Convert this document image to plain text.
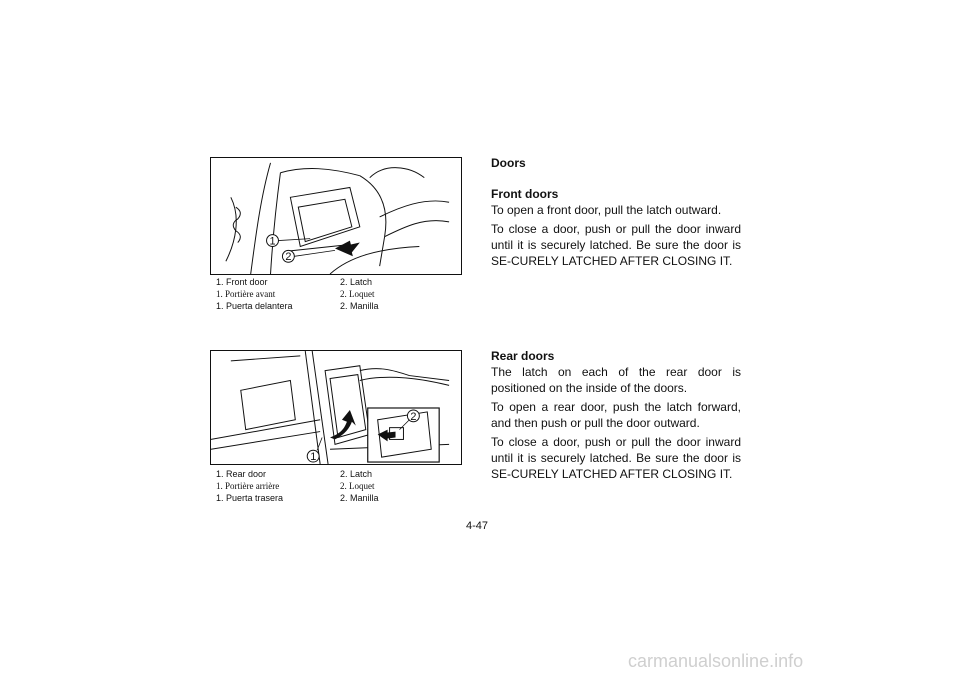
1
2
1. Front door	2. Latch
1. Portière avant	2. Loquet
1. Puerta delantera	2. Manilla
2
1
1. Rear door	2. Latch
1. Portière arrière	2. Loquet
1. Puerta trasera	2. Manilla
Doors
Front doors

To open a front door, pull the latch outward.

To close a door, push or pull the door inward until it is securely latched. Be sure the door is SE-CURELY LATCHED AFTER CLOSING IT.

Rear doors

The latch on each of the rear door is positioned on the inside of the doors.

To open a rear door, push the latch forward, and then push or pull the door outward.

To close a door, push or pull the door inward until it is securely latched. Be sure the door is SE-CURELY LATCHED AFTER CLOSING IT.

4-47
carmanualsonline.info
